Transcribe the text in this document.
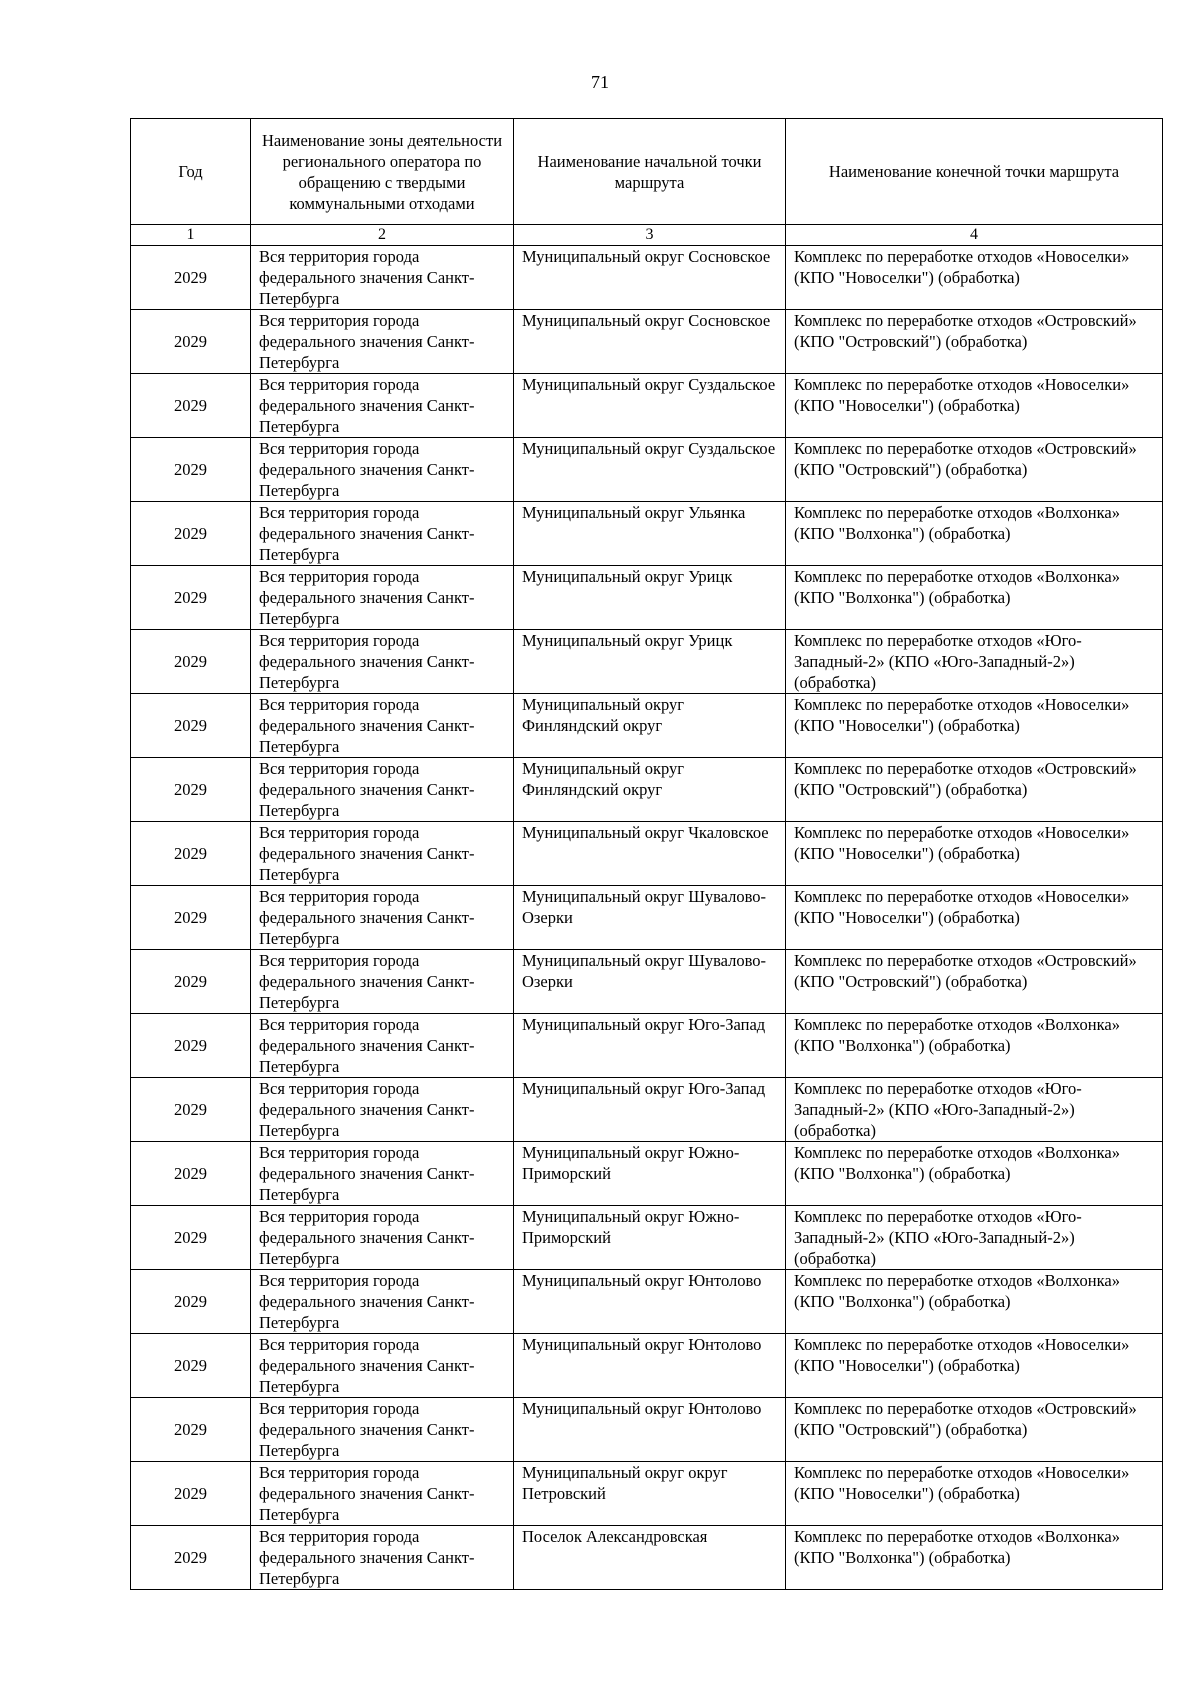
71
Год	Наименование зоны деятельности регионального оператора по обращению с твердыми коммунальными отходами	Наименование начальной точки маршрута	Наименование конечной точки маршрута
1	2	3	4
2029	Вся территория города федерального значения Санкт-Петербурга	Муниципальный округ Сосновское	Комплекс по переработке отходов «Новоселки» (КПО "Новоселки") (обработка)
2029	Вся территория города федерального значения Санкт-Петербурга	Муниципальный округ Сосновское	Комплекс по переработке отходов «Островский» (КПО "Островский") (обработка)
2029	Вся территория города федерального значения Санкт-Петербурга	Муниципальный округ Суздальское	Комплекс по переработке отходов «Новоселки» (КПО "Новоселки") (обработка)
2029	Вся территория города федерального значения Санкт-Петербурга	Муниципальный округ Суздальское	Комплекс по переработке отходов «Островский» (КПО "Островский") (обработка)
2029	Вся территория города федерального значения Санкт-Петербурга	Муниципальный округ Ульянка	Комплекс по переработке отходов «Волхонка» (КПО "Волхонка") (обработка)
2029	Вся территория города федерального значения Санкт-Петербурга	Муниципальный округ Урицк	Комплекс по переработке отходов «Волхонка» (КПО "Волхонка") (обработка)
2029	Вся территория города федерального значения Санкт-Петербурга	Муниципальный округ Урицк	Комплекс по переработке отходов «Юго-Западный-2» (КПО «Юго-Западный-2») (обработка)
2029	Вся территория города федерального значения Санкт-Петербурга	Муниципальный округ Финляндский округ	Комплекс по переработке отходов «Новоселки» (КПО "Новоселки") (обработка)
2029	Вся территория города федерального значения Санкт-Петербурга	Муниципальный округ Финляндский округ	Комплекс по переработке отходов «Островский» (КПО "Островский") (обработка)
2029	Вся территория города федерального значения Санкт-Петербурга	Муниципальный округ Чкаловское	Комплекс по переработке отходов «Новоселки» (КПО "Новоселки") (обработка)
2029	Вся территория города федерального значения Санкт-Петербурга	Муниципальный округ Шувалово-Озерки	Комплекс по переработке отходов «Новоселки» (КПО "Новоселки") (обработка)
2029	Вся территория города федерального значения Санкт-Петербурга	Муниципальный округ Шувалово-Озерки	Комплекс по переработке отходов «Островский» (КПО "Островский") (обработка)
2029	Вся территория города федерального значения Санкт-Петербурга	Муниципальный округ Юго-Запад	Комплекс по переработке отходов «Волхонка» (КПО "Волхонка") (обработка)
2029	Вся территория города федерального значения Санкт-Петербурга	Муниципальный округ Юго-Запад	Комплекс по переработке отходов «Юго-Западный-2» (КПО «Юго-Западный-2») (обработка)
2029	Вся территория города федерального значения Санкт-Петербурга	Муниципальный округ Южно-Приморский	Комплекс по переработке отходов «Волхонка» (КПО "Волхонка") (обработка)
2029	Вся территория города федерального значения Санкт-Петербурга	Муниципальный округ Южно-Приморский	Комплекс по переработке отходов «Юго-Западный-2» (КПО «Юго-Западный-2») (обработка)
2029	Вся территория города федерального значения Санкт-Петербурга	Муниципальный округ Юнтолово	Комплекс по переработке отходов «Волхонка» (КПО "Волхонка") (обработка)
2029	Вся территория города федерального значения Санкт-Петербурга	Муниципальный округ Юнтолово	Комплекс по переработке отходов «Новоселки» (КПО "Новоселки") (обработка)
2029	Вся территория города федерального значения Санкт-Петербурга	Муниципальный округ Юнтолово	Комплекс по переработке отходов «Островский» (КПО "Островский") (обработка)
2029	Вся территория города федерального значения Санкт-Петербурга	Муниципальный округ округ Петровский	Комплекс по переработке отходов «Новоселки» (КПО "Новоселки") (обработка)
2029	Вся территория города федерального значения Санкт-Петербурга	Поселок Александровская	Комплекс по переработке отходов «Волхонка» (КПО "Волхонка") (обработка)
